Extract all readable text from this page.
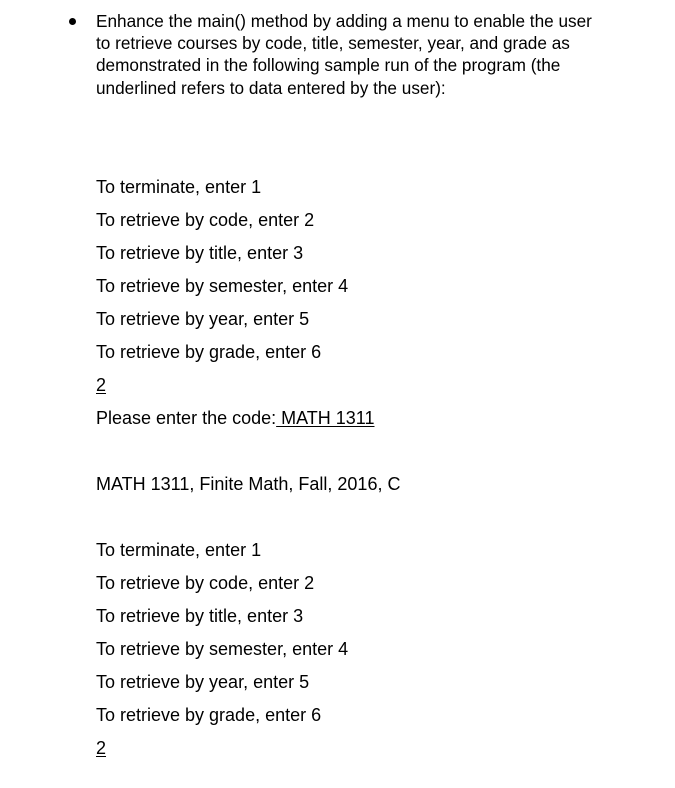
Enhance the main() method by adding a menu to enable the user to retrieve courses by code, title, semester, year, and grade as demonstrated in the following sample run of the program (the underlined refers to data entered by the user):
To terminate, enter 1
To retrieve by code, enter 2
To retrieve by title, enter 3
To retrieve by semester, enter 4
To retrieve by year, enter 5
To retrieve by grade, enter 6
2
Please enter the code: MATH 1311
MATH 1311, Finite Math, Fall, 2016, C
To terminate, enter 1
To retrieve by code, enter 2
To retrieve by title, enter 3
To retrieve by semester, enter 4
To retrieve by year, enter 5
To retrieve by grade, enter 6
2
